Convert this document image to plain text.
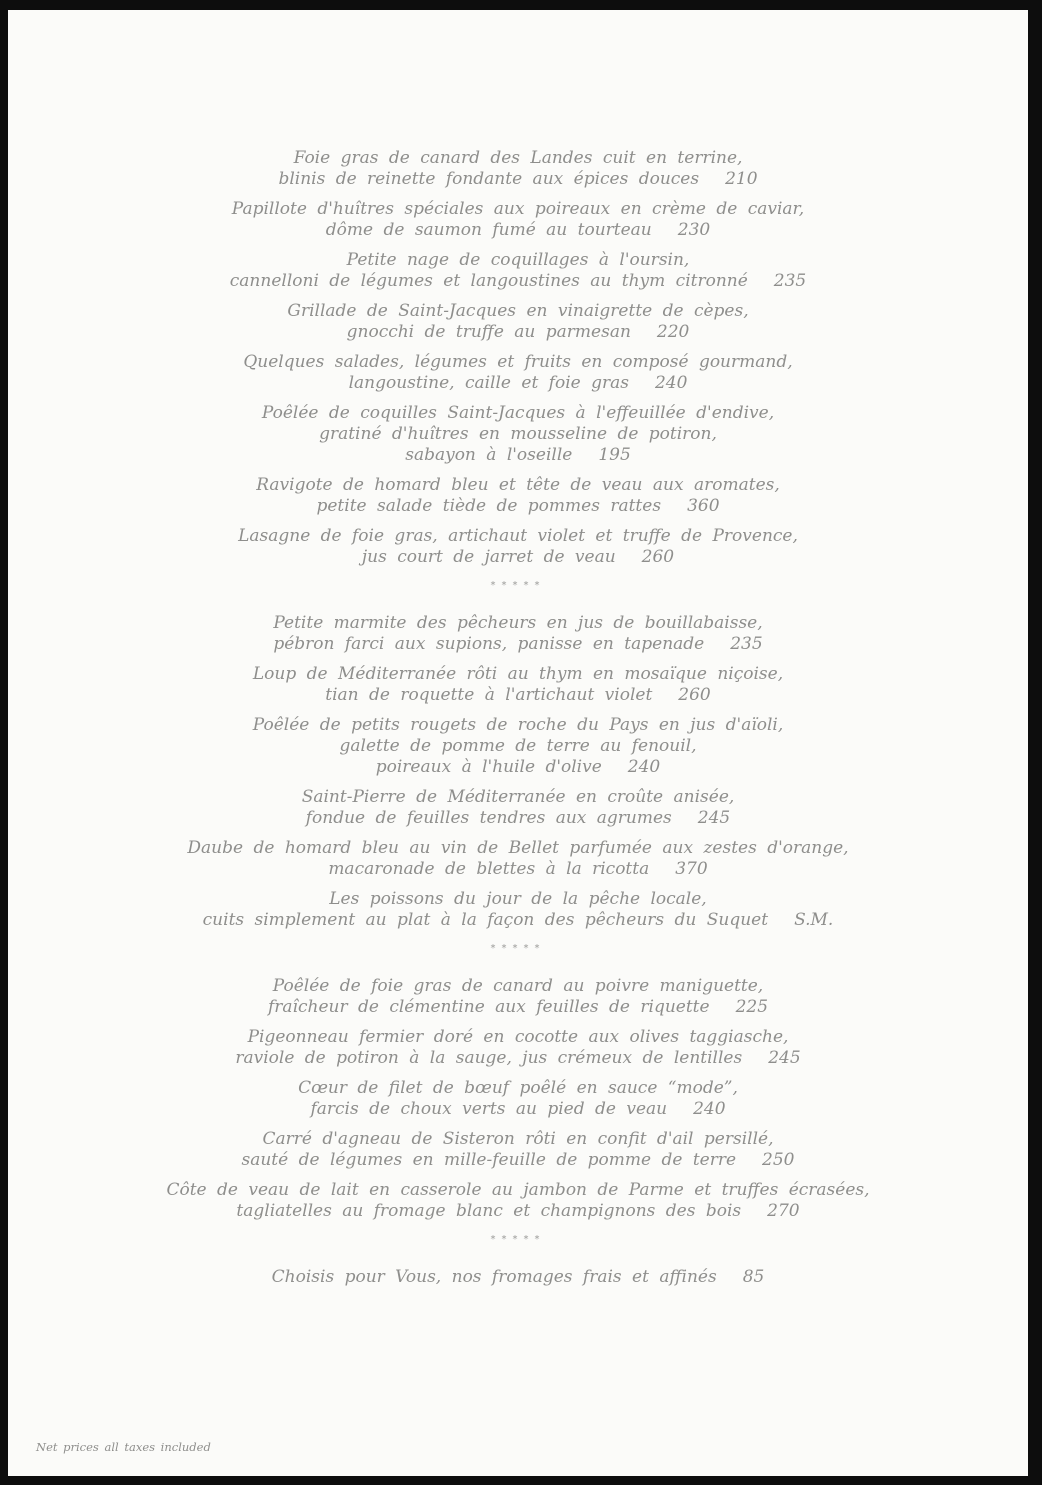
Foie gras de canard des Landes cuit en terrine,
blinis de reinette fondante aux épices douces 210
Papillote d'huîtres spéciales aux poireaux en crème de caviar,
dôme de saumon fumé au tourteau 230
Petite nage de coquillages à l'oursin,
cannelloni de légumes et langoustines au thym citronné 235
Grillade de Saint-Jacques en vinaigrette de cèpes,
gnocchi de truffe au parmesan 220
Quelques salades, légumes et fruits en composé gourmand,
langoustine, caille et foie gras 240
Poêlée de coquilles Saint-Jacques à l'effeuillée d'endive,
gratiné d'huîtres en mousseline de potiron,
sabayon à l'oseille 195
Ravigote de homard bleu et tête de veau aux aromates,
petite salade tiède de pommes rattes 360
Lasagne de foie gras, artichaut violet et truffe de Provence,
jus court de jarret de veau 260
*****
Petite marmite des pêcheurs en jus de bouillabaisse,
pébron farci aux supions, panisse en tapenade 235
Loup de Méditerranée rôti au thym en mosaïque niçoise,
tian de roquette à l'artichaut violet 260
Poêlée de petits rougets de roche du Pays en jus d'aïoli,
galette de pomme de terre au fenouil,
poireaux à l'huile d'olive 240
Saint-Pierre de Méditerranée en croûte anisée,
fondue de feuilles tendres aux agrumes 245
Daube de homard bleu au vin de Bellet parfumée aux zestes d'orange,
macaronade de blettes à la ricotta 370
Les poissons du jour de la pêche locale,
cuits simplement au plat à la façon des pêcheurs du Suquet S.M.
*****
Poêlée de foie gras de canard au poivre maniguette,
fraîcheur de clémentine aux feuilles de riquette 225
Pigeonneau fermier doré en cocotte aux olives taggiasche,
raviole de potiron à la sauge, jus crémeux de lentilles 245
Cœur de filet de bœuf poêlé en sauce “mode”,
farcis de choux verts au pied de veau 240
Carré d'agneau de Sisteron rôti en confit d'ail persillé,
sauté de légumes en mille-feuille de pomme de terre 250
Côte de veau de lait en casserole au jambon de Parme et truffes écrasées,
tagliatelles au fromage blanc et champignons des bois 270
*****
Choisis pour Vous, nos fromages frais et affinés 85
Net prices all taxes included
